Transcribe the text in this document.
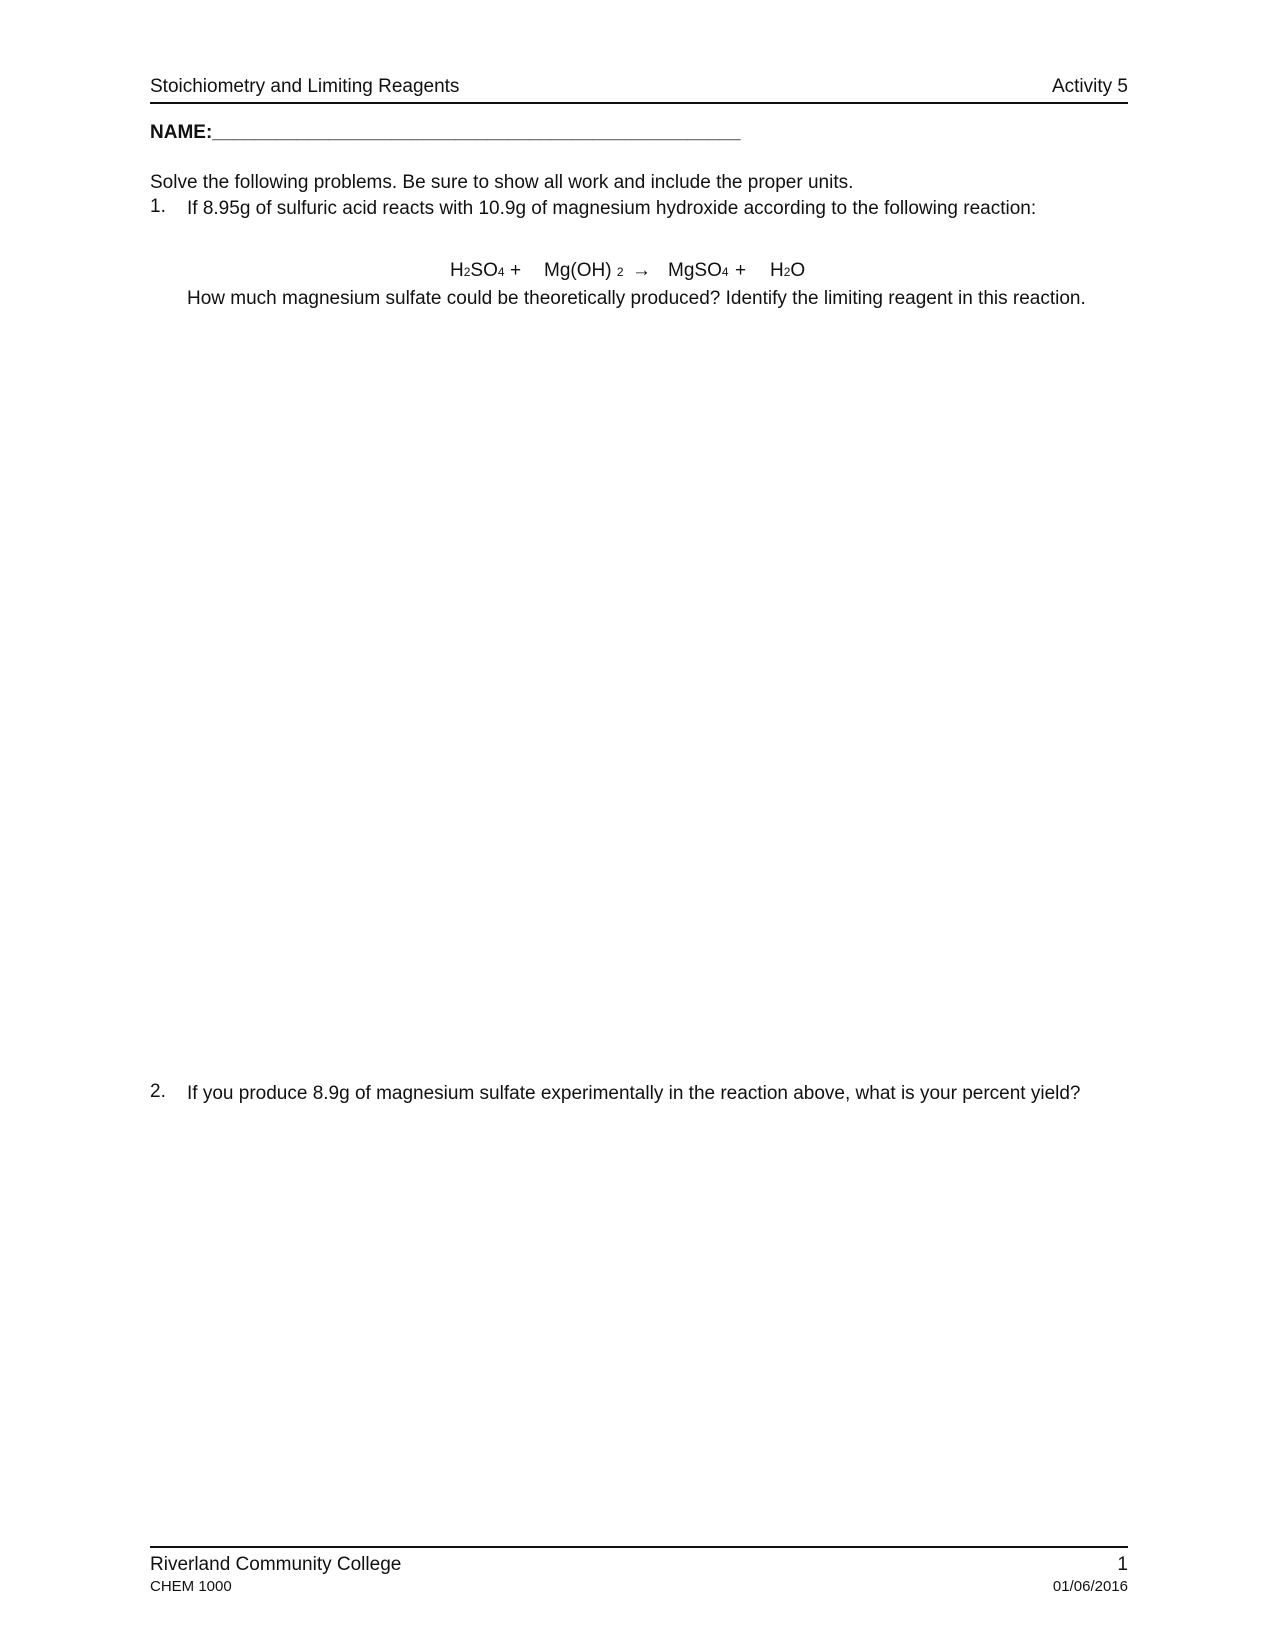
Stoichiometry and Limiting Reagents	Activity 5
NAME:__________________________________________________
Solve the following problems. Be sure to show all work and include the proper units.
1. If 8.95g of sulfuric acid reacts with 10.9g of magnesium hydroxide according to the following reaction:
H2SO4 + Mg(OH) 2 → MgSO4 + H2O
How much magnesium sulfate could be theoretically produced? Identify the limiting reagent in this reaction.
2. If you produce 8.9g of magnesium sulfate experimentally in the reaction above, what is your percent yield?
Riverland Community College
CHEM 1000
1
01/06/2016
